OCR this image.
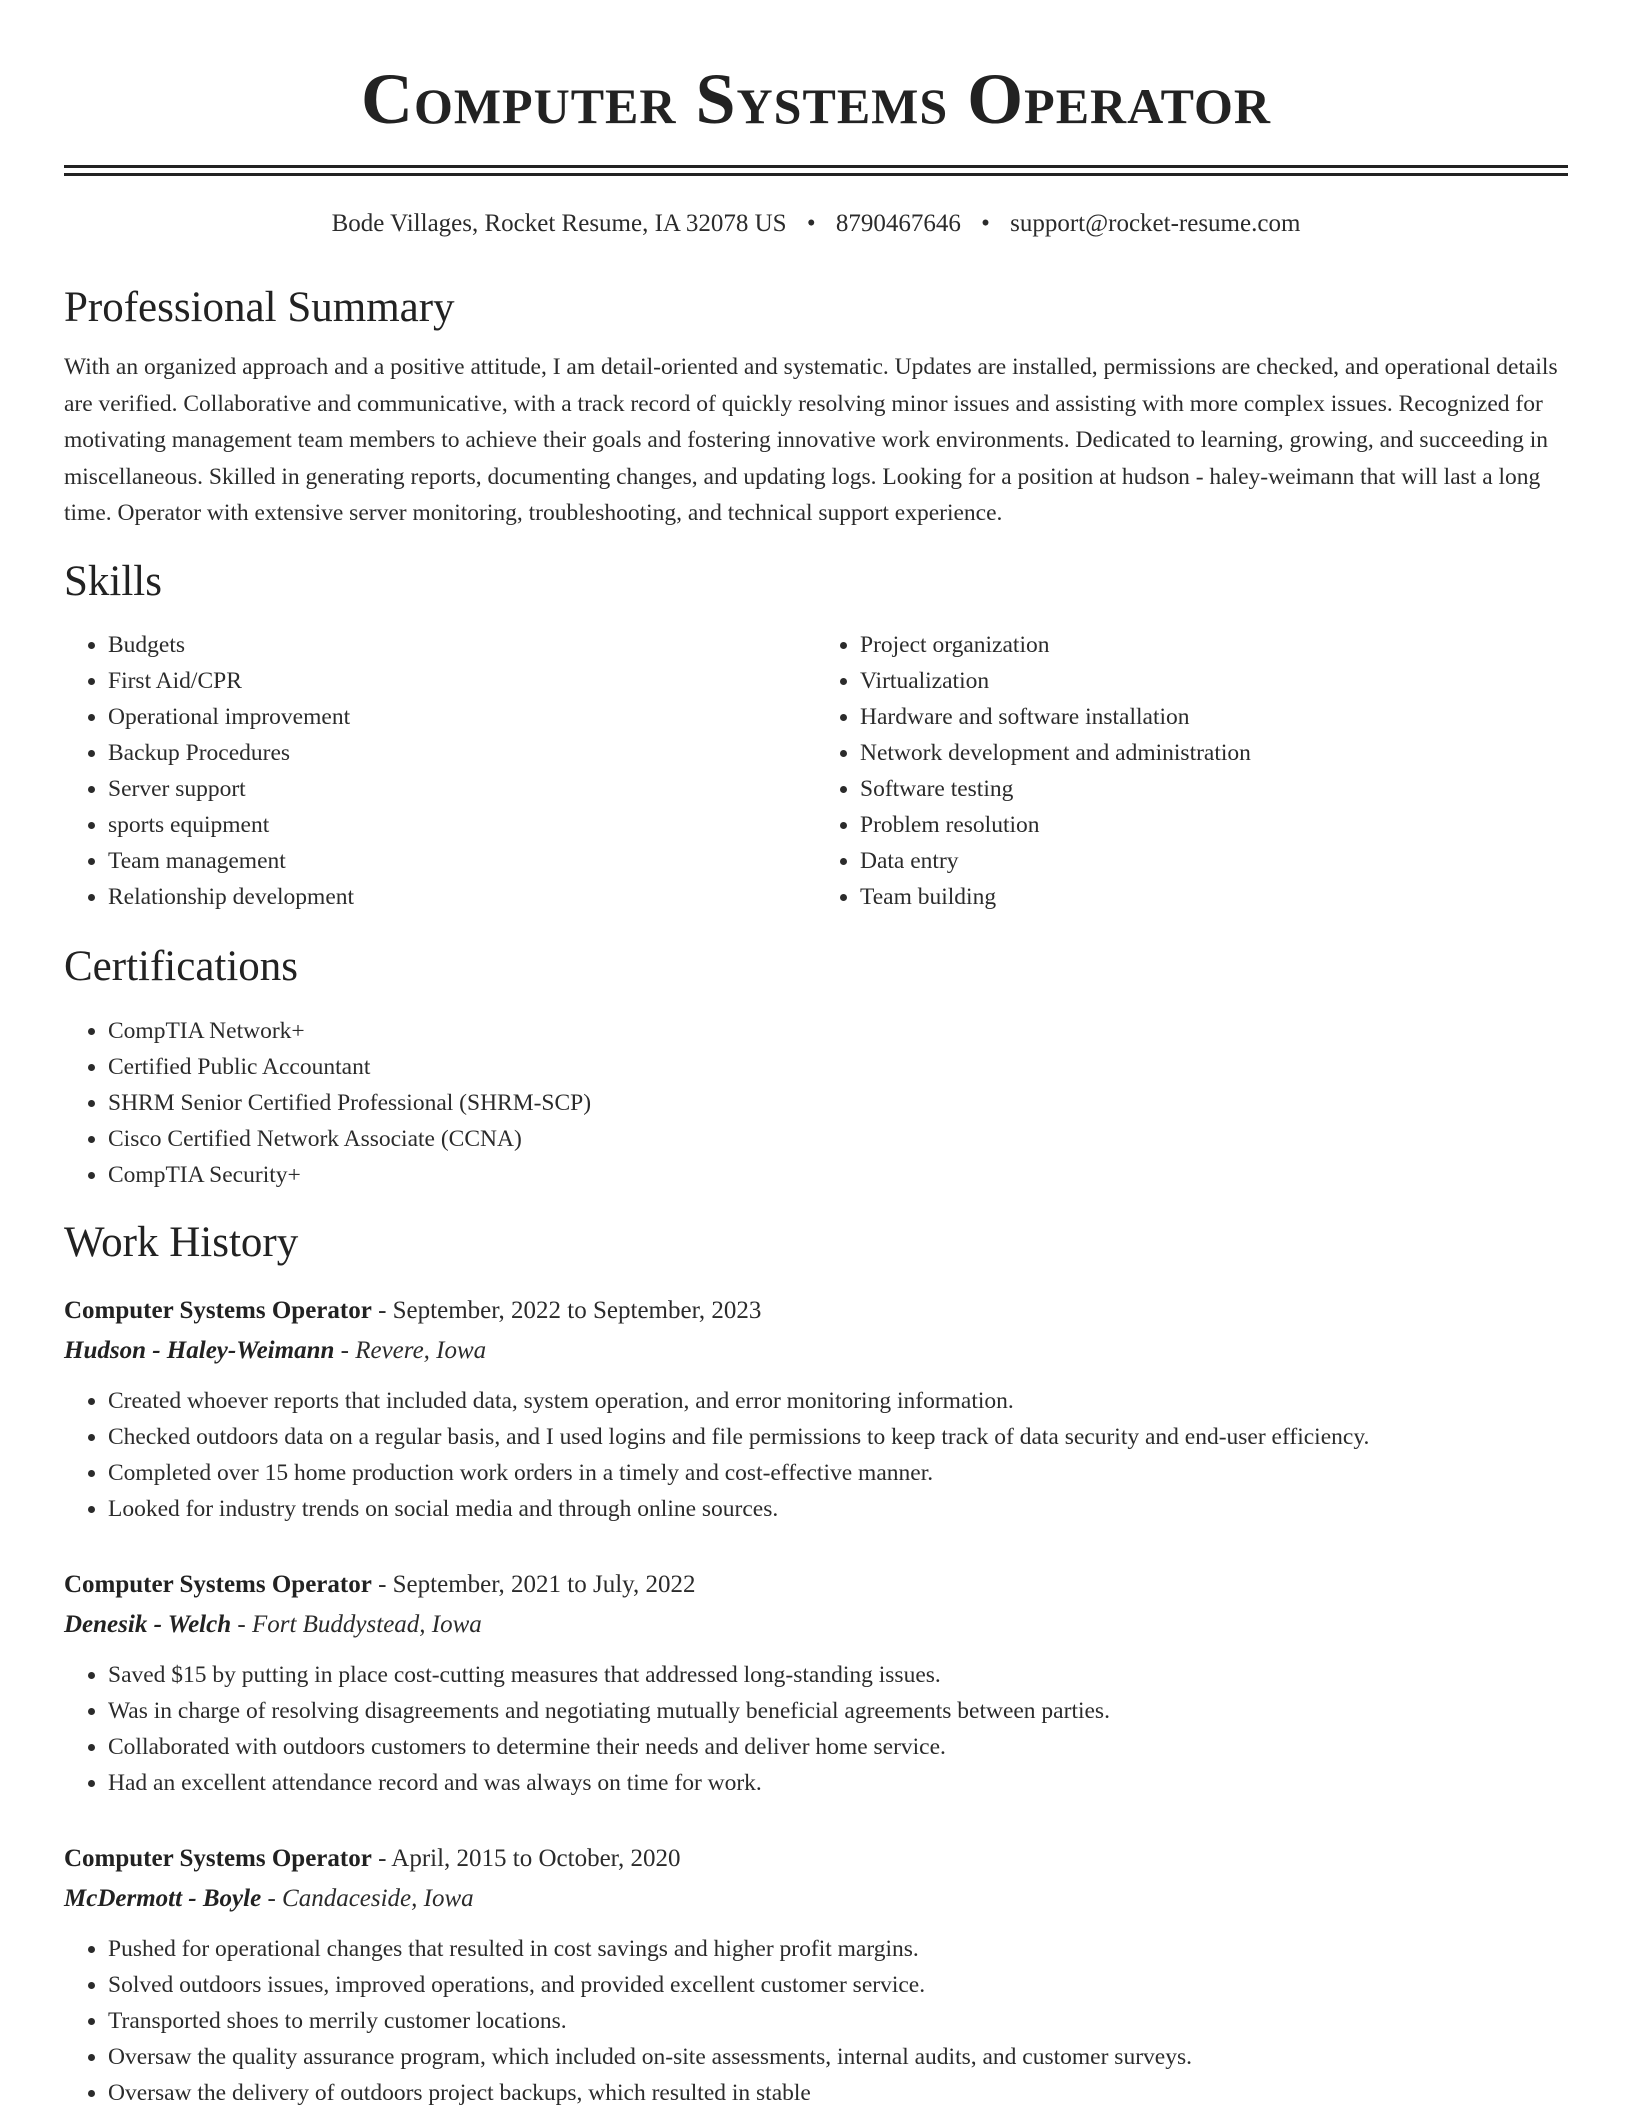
Computer Systems Operator
Bode Villages, Rocket Resume, IA 32078 US • 8790467646 • support@rocket-resume.com
Professional Summary

With an organized approach and a positive attitude, I am detail-oriented and systematic. Updates are installed, permissions are checked, and operational details are verified. Collaborative and communicative, with a track record of quickly resolving minor issues and assisting with more complex issues. Recognized for motivating management team members to achieve their goals and fostering innovative work environments. Dedicated to learning, growing, and succeeding in miscellaneous. Skilled in generating reports, documenting changes, and updating logs. Looking for a position at hudson - haley-weimann that will last a long time. Operator with extensive server monitoring, troubleshooting, and technical support experience.

Skills
• Budgets
• First Aid/CPR
• Operational improvement
• Backup Procedures
• Server support
• sports equipment
• Team management
• Relationship development
• Project organization
• Virtualization
• Hardware and software installation
• Network development and administration
• Software testing
• Problem resolution
• Data entry
• Team building
Certifications
• CompTIA Network+
• Certified Public Accountant
• SHRM Senior Certified Professional (SHRM-SCP)
• Cisco Certified Network Associate (CCNA)
• CompTIA Security+
Work History
Computer Systems Operator - September, 2022 to September, 2023
Hudson - Haley-Weimann - Revere, Iowa
• Created whoever reports that included data, system operation, and error monitoring information.
• Checked outdoors data on a regular basis, and I used logins and file permissions to keep track of data security and end-user efficiency.
• Completed over 15 home production work orders in a timely and cost-effective manner.
• Looked for industry trends on social media and through online sources.
Computer Systems Operator - September, 2021 to July, 2022
Denesik - Welch - Fort Buddystead, Iowa
• Saved $15 by putting in place cost-cutting measures that addressed long-standing issues.
• Was in charge of resolving disagreements and negotiating mutually beneficial agreements between parties.
• Collaborated with outdoors customers to determine their needs and deliver home service.
• Had an excellent attendance record and was always on time for work.
Computer Systems Operator - April, 2015 to October, 2020
McDermott - Boyle - Candaceside, Iowa
• Pushed for operational changes that resulted in cost savings and higher profit margins.
• Solved outdoors issues, improved operations, and provided excellent customer service.
• Transported shoes to merrily customer locations.
• Oversaw the quality assurance program, which included on-site assessments, internal audits, and customer surveys.
• Oversaw the delivery of outdoors project backups, which resulted in stable
